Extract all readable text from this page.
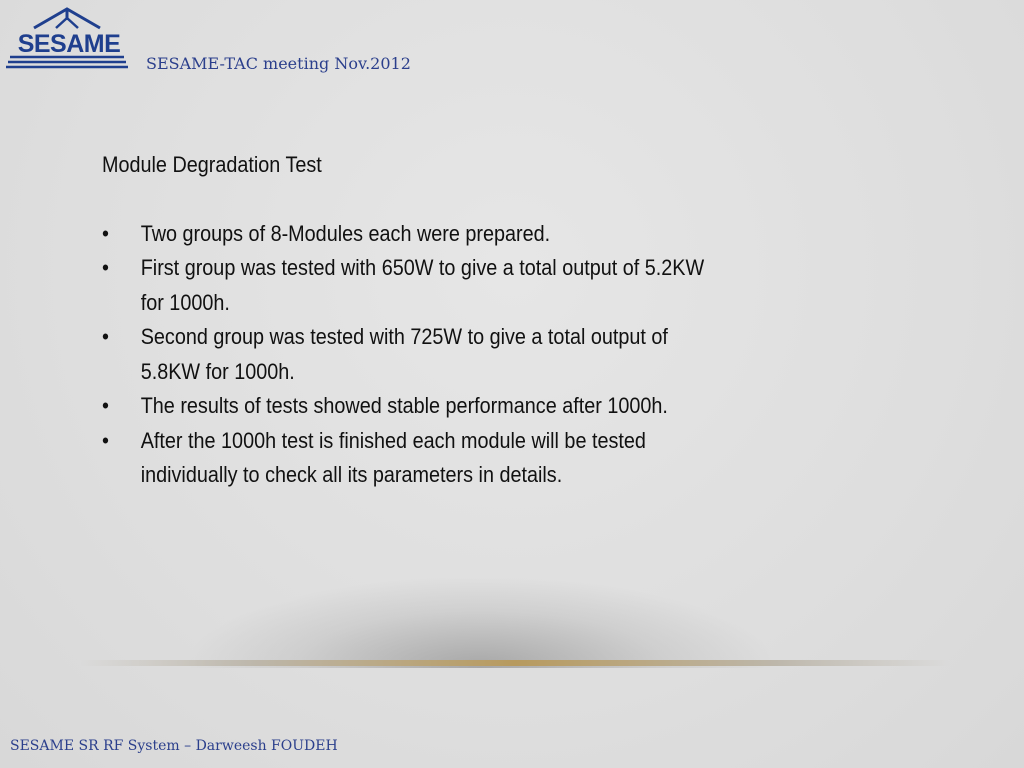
SESAME
SESAME-TAC meeting Nov.2012
Module Degradation Test
• Two groups of 8-Modules each were prepared.
• First group was tested with 650W to give a total output of 5.2KW for 1000h.
• Second group was tested with 725W to give a total output of 5.8KW for 1000h.
• The results of tests showed stable performance after 1000h.
• After the 1000h test is finished each module will be tested individually to check all its parameters in details.
SESAME SR RF System – Darweesh FOUDEH
